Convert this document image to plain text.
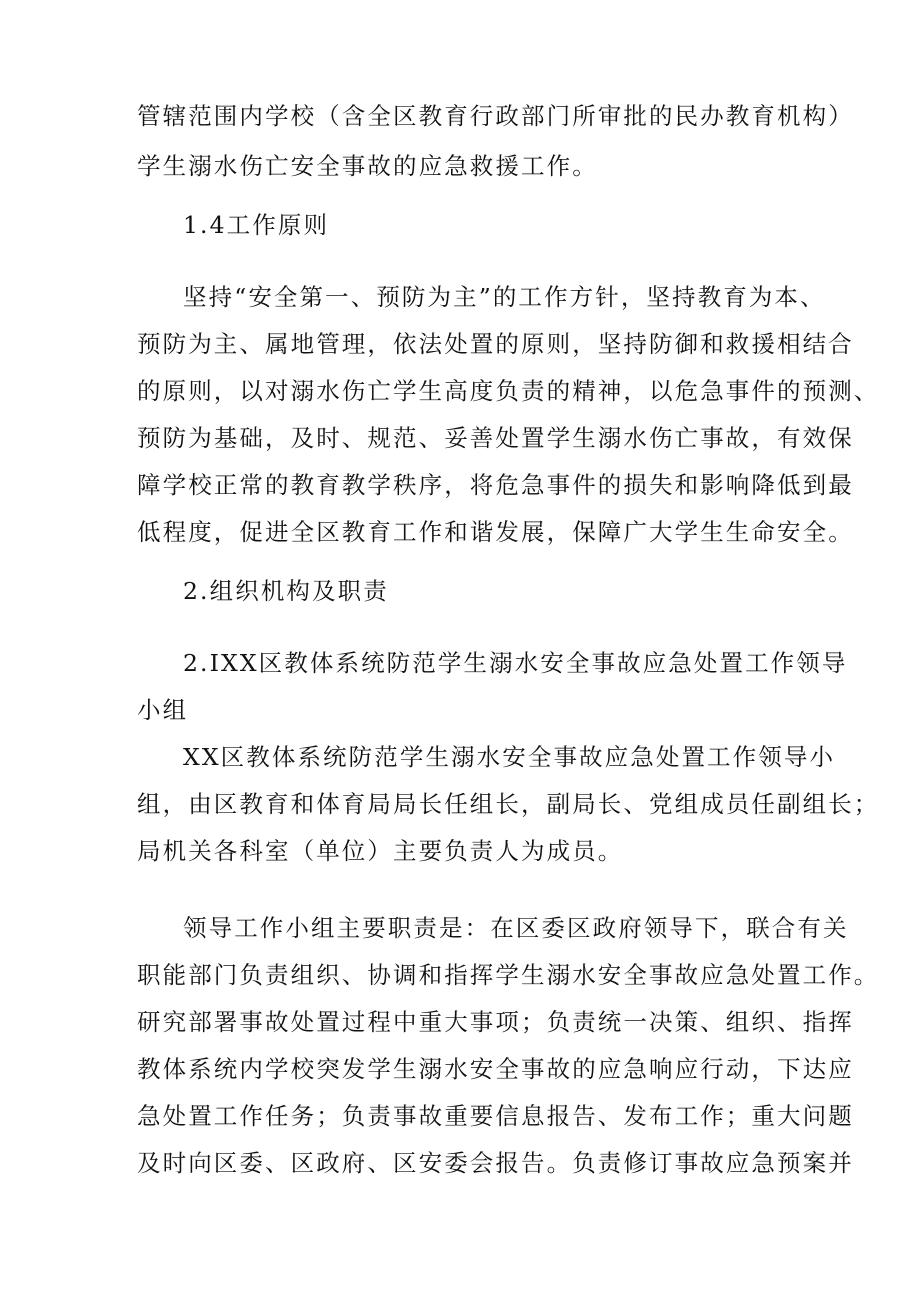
管辖范围内学校（含全区教育行政部门所审批的民办教育机构）
学生溺水伤亡安全事故的应急救援工作。
1.4工作原则
坚持“安全第一、预防为主”的工作方针，坚持教育为本、
预防为主、属地管理，依法处置的原则，坚持防御和救援相结合
的原则，以对溺水伤亡学生高度负责的精神，以危急事件的预测、
预防为基础，及时、规范、妥善处置学生溺水伤亡事故，有效保
障学校正常的教育教学秩序，将危急事件的损失和影响降低到最
低程度，促进全区教育工作和谐发展，保障广大学生生命安全。
2.组织机构及职责
2.IXX区教体系统防范学生溺水安全事故应急处置工作领导
小组
XX区教体系统防范学生溺水安全事故应急处置工作领导小
组，由区教育和体育局局长任组长，副局长、党组成员任副组长；
局机关各科室（单位）主要负责人为成员。
领导工作小组主要职责是：在区委区政府领导下，联合有关
职能部门负责组织、协调和指挥学生溺水安全事故应急处置工作。
研究部署事故处置过程中重大事项；负责统一决策、组织、指挥
教体系统内学校突发学生溺水安全事故的应急响应行动，下达应
急处置工作任务；负责事故重要信息报告、发布工作；重大问题
及时向区委、区政府、区安委会报告。负责修订事故应急预案并
